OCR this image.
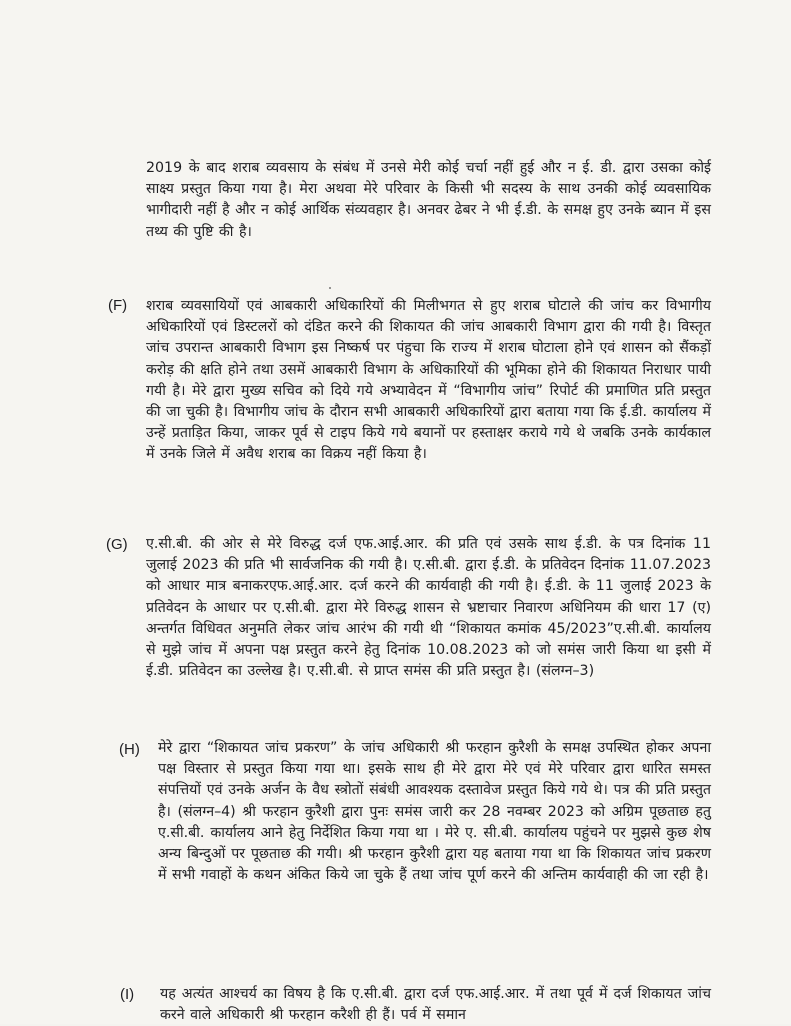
2019 के बाद शराब व्यवसाय के संबंध में उनसे मेरी कोई चर्चा नहीं हुई और न ई. डी. द्वारा उसका कोई साक्ष्य प्रस्तुत किया गया है। मेरा अथवा मेरे परिवार के किसी भी सदस्य के साथ उनकी कोई व्यवसायिक भागीदारी नहीं है और न कोई आर्थिक संव्यवहार है। अनवर ढेबर ने भी ई.डी. के समक्ष हुए उनके ब्यान में इस तथ्य की पुष्टि की है।

(F) शराब व्यवसायियों एवं आबकारी अधिकारियों की मिलीभगत से हुए शराब घोटाले की जांच कर विभागीय अधिकारियों एवं डिस्टलरों को दंडित करने की शिकायत की जांच आबकारी विभाग द्वारा की गयी है। विस्तृत जांच उपरान्त आबकारी विभाग इस निष्कर्ष पर पंहुचा कि राज्य में शराब घोटाला होने एवं शासन को सैंकड़ों करोड़ की क्षति होने तथा उसमें आबकारी विभाग के अधिकारियों की भूमिका होने की शिकायत निराधार पायी गयी है। मेरे द्वारा मुख्य सचिव को दिये गये अभ्यावेदन में “विभागीय जांच” रिपोर्ट की प्रमाणित प्रति प्रस्तुत की जा चुकी है। विभागीय जांच के दौरान सभी आबकारी अधिकारियों द्वारा बताया गया कि ई.डी. कार्यालय में उन्हें प्रताड़ित किया, जाकर पूर्व से टाइप किये गये बयानों पर हस्ताक्षर कराये गये थे जबकि उनके कार्यकाल में उनके जिले में अवैध शराब का विक्रय नहीं किया है।

(G) ए.सी.बी. की ओर से मेरे विरुद्ध दर्ज एफ.आई.आर. की प्रति एवं उसके साथ ई.डी. के पत्र दिनांक 11 जुलाई 2023 की प्रति भी सार्वजनिक की गयी है। ए.सी.बी. द्वारा ई.डी. के प्रतिवेदन दिनांक 11.07.2023 को आधार मात्र बनाकरएफ.आई.आर. दर्ज करने की कार्यवाही की गयी है। ई.डी. के 11 जुलाई 2023 के प्रतिवेदन के आधार पर ए.सी.बी. द्वारा मेरे विरुद्ध शासन से भ्रष्टाचार निवारण अधिनियम की धारा 17 (ए) अन्तर्गत विधिवत अनुमति लेकर जांच आरंभ की गयी थी “शिकायत कमांक 45/2023”ए.सी.बी. कार्यालय से मुझे जांच में अपना पक्ष प्रस्तुत करने हेतु दिनांक 10.08.2023 को जो समंस जारी किया था इसी में ई.डी. प्रतिवेदन का उल्लेख है। ए.सी.बी. से प्राप्त समंस की प्रति प्रस्तुत है। (संलग्न–3)

(H) मेरे द्वारा “शिकायत जांच प्रकरण” के जांच अधिकारी श्री फरहान कुरैशी के समक्ष उपस्थित होकर अपना पक्ष विस्तार से प्रस्तुत किया गया था। इसके साथ ही मेरे द्वारा मेरे एवं मेरे परिवार द्वारा धारित समस्त संपत्तियों एवं उनके अर्जन के वैध स्त्रोतों संबंधी आवश्यक दस्तावेज प्रस्तुत किये गये थे। पत्र की प्रति प्रस्तुत है। (संलग्न–4) श्री फरहान कुरैशी द्वारा पुनः समंस जारी कर 28 नवम्बर 2023 को अग्रिम पूछताछ हतु ए.सी.बी. कार्यालय आने हेतु निर्देशित किया गया था । मेरे ए. सी.बी. कार्यालय पहुंचने पर मुझसे कुछ शेष अन्य बिन्दुओं पर पूछताछ की गयी। श्री फरहान कुरैशी द्वारा यह बताया गया था कि शिकायत जांच प्रकरण में सभी गवाहों के कथन अंकित किये जा चुके हैं तथा जांच पूर्ण करने की अन्तिम कार्यवाही की जा रही है।

(I) यह अत्यंत आश्चर्य का विषय है कि ए.सी.बी. द्वारा दर्ज एफ.आई.आर. में तथा पूर्व में दर्ज शिकायत जांच करने वाले अधिकारी श्री फरहान करैशी ही हैं। पर्व में समान
